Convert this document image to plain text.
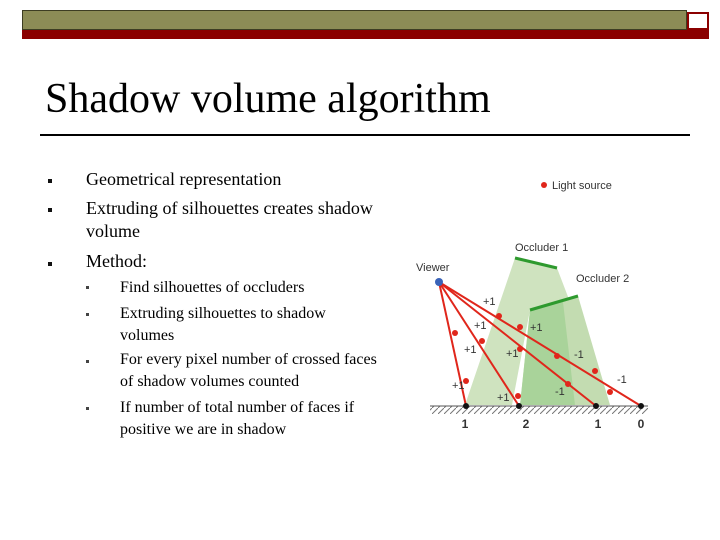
Shadow volume algorithm
Geometrical representation
Extruding of silhouettes creates shadow volume
Method:
Find silhouettes of occluders
Extruding silhouettes to shadow volumes
For every pixel number of crossed faces of shadow volumes counted
If number of total number of faces if positive we are in shadow
Light source
Occluder 1
Occluder 2
Viewer
+1
+1
+1
+1
+1
+1
+1
-1
-1
-1
1	2	1	0
